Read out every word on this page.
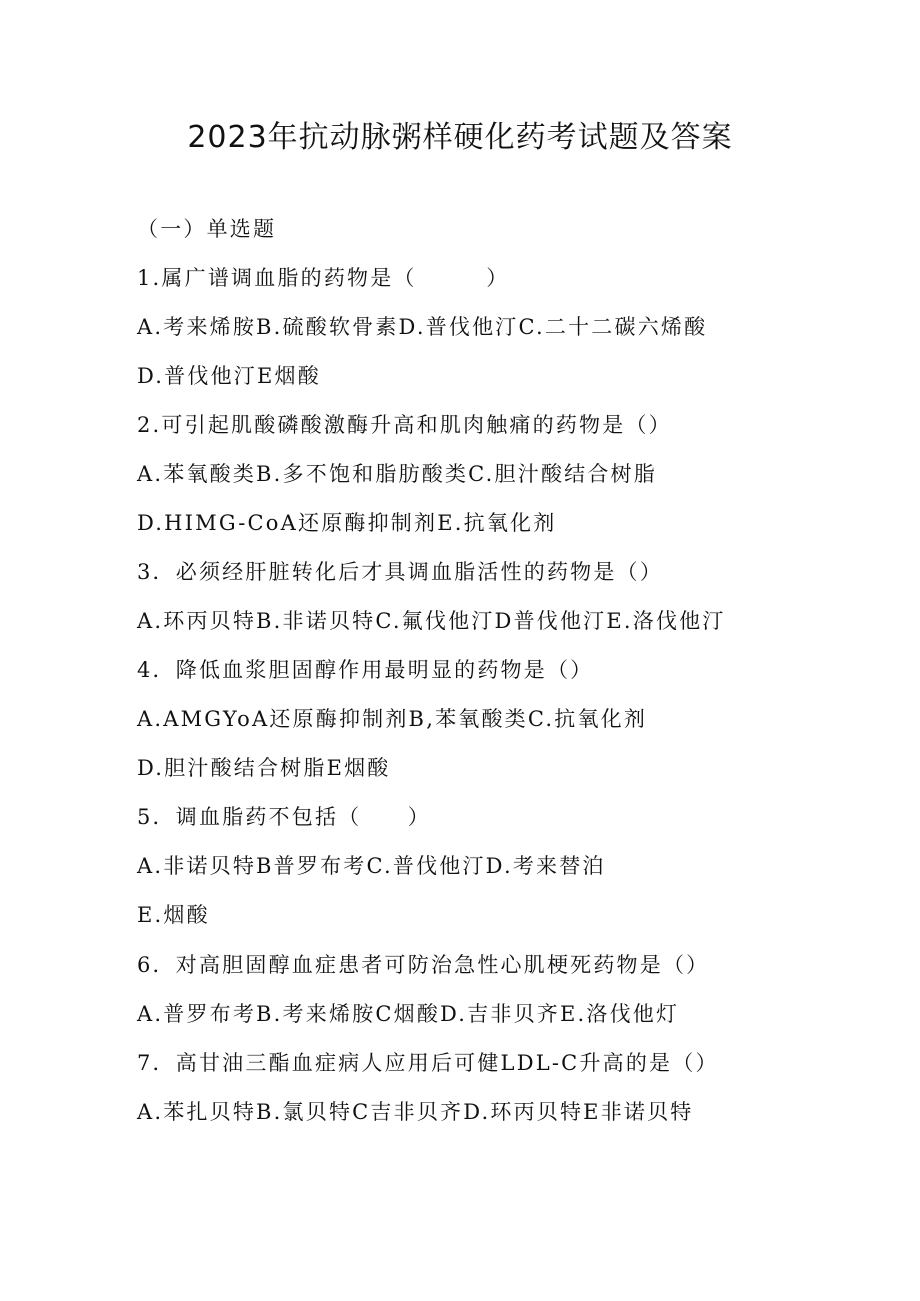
2023年抗动脉粥样硬化药考试题及答案
（一）单选题
1.属广谱调血脂的药物是（　　　）
A.考来烯胺B.硫酸软骨素D.普伐他汀C.二十二碳六烯酸
D.普伐他汀E烟酸
2.可引起肌酸磷酸激酶升高和肌肉触痛的药物是（）
A.苯氧酸类B.多不饱和脂肪酸类C.胆汁酸结合树脂
D.HIMG-CoA还原酶抑制剂E.抗氧化剂
3．必须经肝脏转化后才具调血脂活性的药物是（）
A.环丙贝特B.非诺贝特C.氟伐他汀D普伐他汀E.洛伐他汀
4．降低血浆胆固醇作用最明显的药物是（）
A.AMGYoA还原酶抑制剂B,苯氧酸类C.抗氧化剂
D.胆汁酸结合树脂E烟酸
5．调血脂药不包括（　　）
A.非诺贝特B普罗布考C.普伐他汀D.考来替泊
E.烟酸
6．对高胆固醇血症患者可防治急性心肌梗死药物是（）
A.普罗布考B.考来烯胺C烟酸D.吉非贝齐E.洛伐他灯
7．高甘油三酯血症病人应用后可健LDL-C升高的是（）
A.苯扎贝特B.氯贝特C吉非贝齐D.环丙贝特E非诺贝特
